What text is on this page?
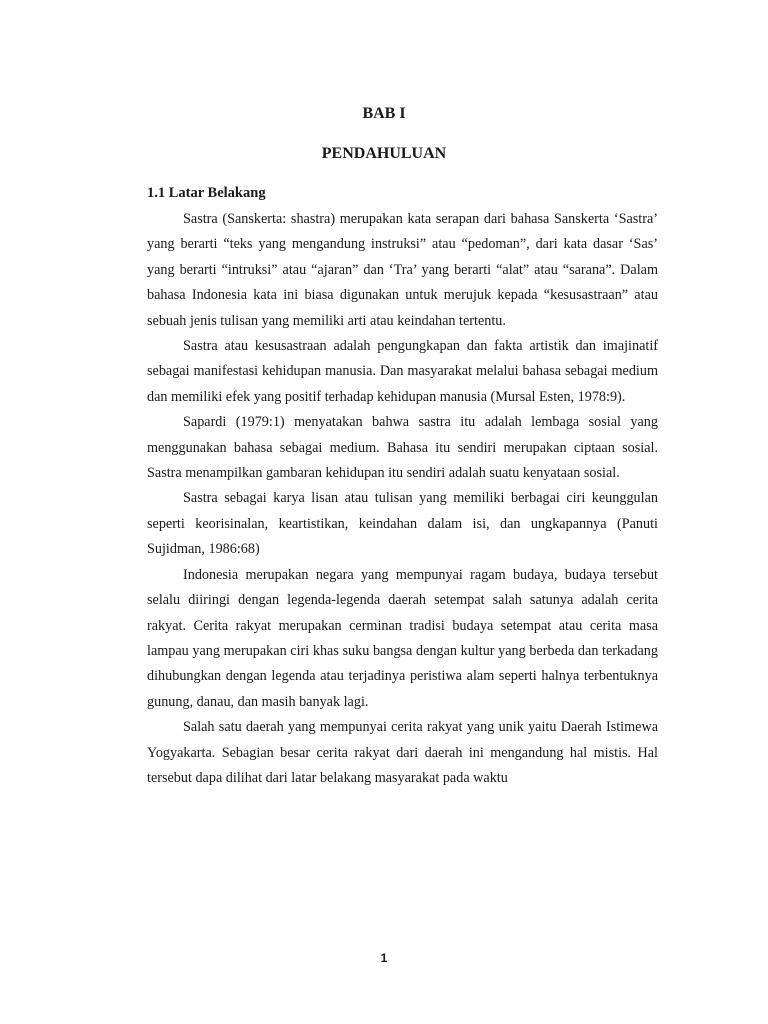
BAB I
PENDAHULUAN
1.1 Latar Belakang

Sastra (Sanskerta: shastra) merupakan kata serapan dari bahasa Sanskerta ‘Sastra’ yang berarti “teks yang mengandung instruksi” atau “pedoman”, dari kata dasar ‘Sas’ yang berarti “intruksi” atau “ajaran” dan ‘Tra’ yang berarti “alat” atau “sarana”. Dalam bahasa Indonesia kata ini biasa digunakan untuk merujuk kepada “kesusastraan” atau sebuah jenis tulisan yang memiliki arti atau keindahan tertentu.

Sastra atau kesusastraan adalah pengungkapan dan fakta artistik dan imajinatif sebagai manifestasi kehidupan manusia. Dan masyarakat melalui bahasa sebagai medium dan memiliki efek yang positif terhadap kehidupan manusia (Mursal Esten, 1978:9).

Sapardi (1979:1) menyatakan bahwa sastra itu adalah lembaga sosial yang menggunakan bahasa sebagai medium. Bahasa itu sendiri merupakan ciptaan sosial. Sastra menampilkan gambaran kehidupan itu sendiri adalah suatu kenyataan sosial.

Sastra sebagai karya lisan atau tulisan yang memiliki berbagai ciri keunggulan seperti keorisinalan, keartistikan, keindahan dalam isi, dan ungkapannya (Panuti Sujidman, 1986:68)

Indonesia merupakan negara yang mempunyai ragam budaya, budaya tersebut selalu diiringi dengan legenda-legenda daerah setempat salah satunya adalah cerita rakyat. Cerita rakyat merupakan cerminan tradisi budaya setempat atau cerita masa lampau yang merupakan ciri khas suku bangsa dengan kultur yang berbeda dan terkadang dihubungkan dengan legenda atau terjadinya peristiwa alam seperti halnya terbentuknya gunung, danau, dan masih banyak lagi.

Salah satu daerah yang mempunyai cerita rakyat yang unik yaitu Daerah Istimewa Yogyakarta. Sebagian besar cerita rakyat dari daerah ini mengandung hal mistis. Hal tersebut dapa dilihat dari latar belakang masyarakat pada waktu

1
